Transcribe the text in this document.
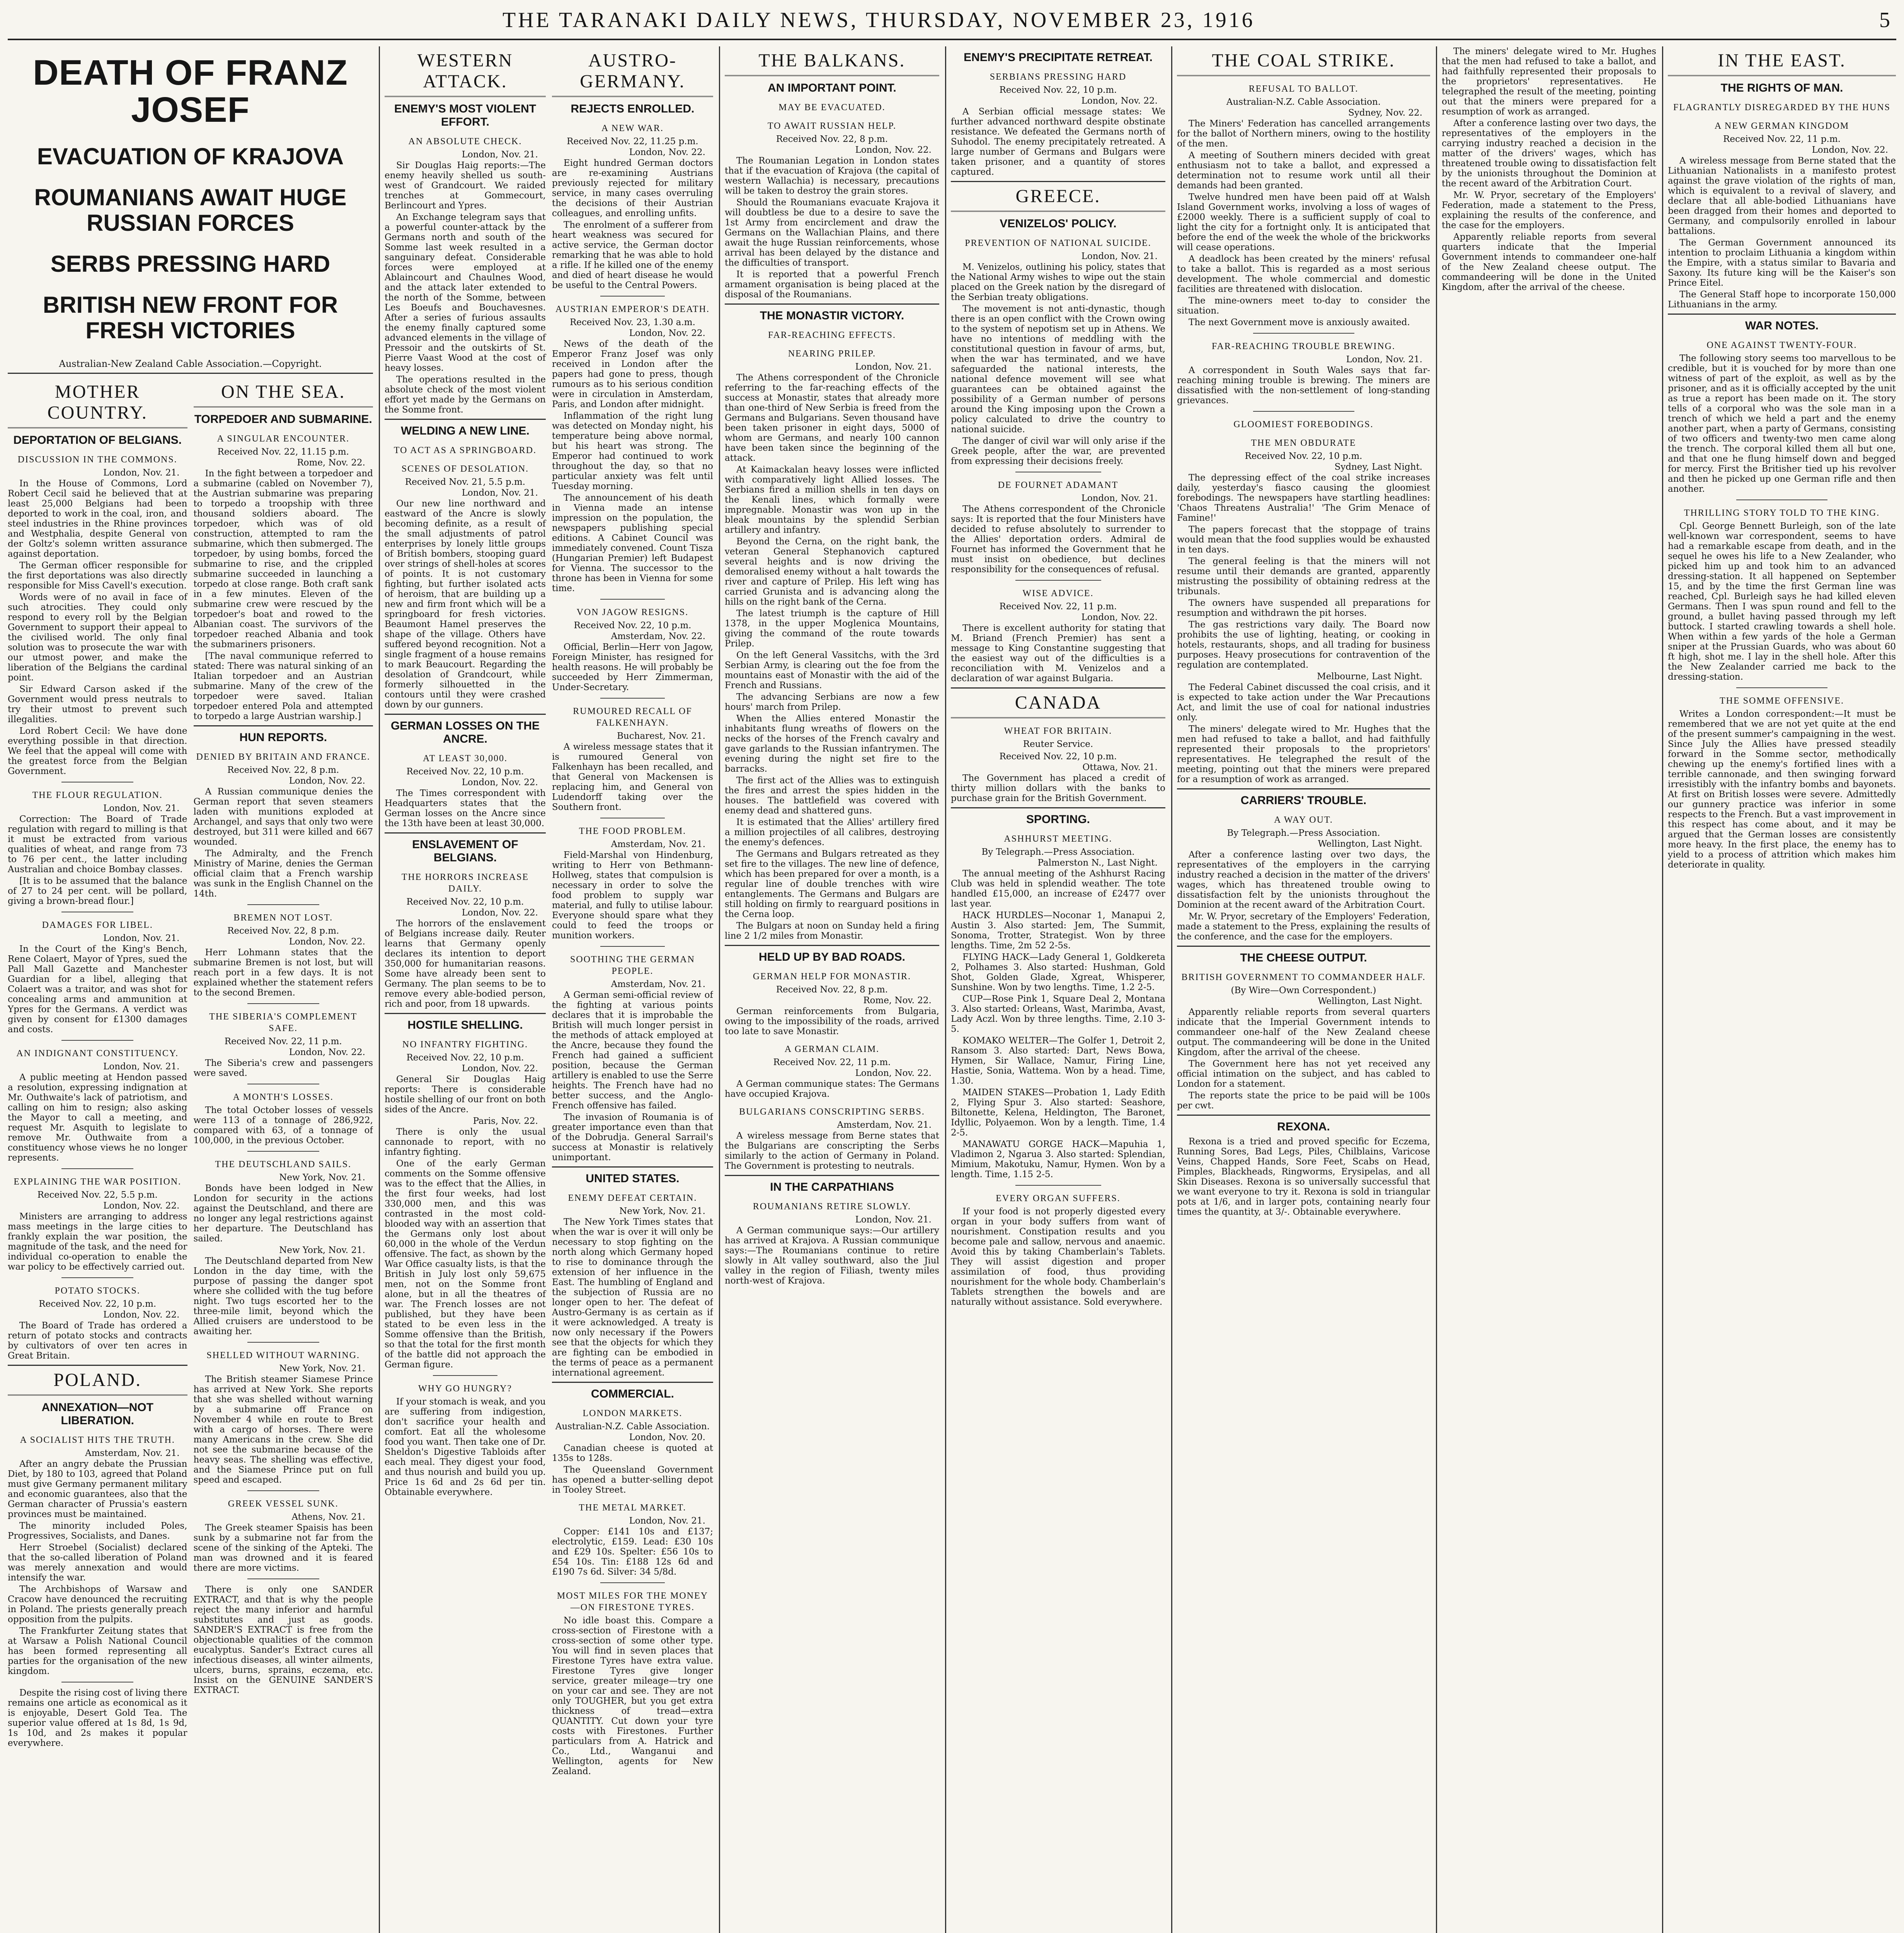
THE TARANAKI DAILY NEWS, THURSDAY, NOVEMBER 23, 1916	5
DEATH OF FRANZ JOSEF
EVACUATION OF KRAJOVA
ROUMANIANS AWAIT HUGE RUSSIAN FORCES
SERBS PRESSING HARD
BRITISH NEW FRONT FOR FRESH VICTORIES
Australian-New Zealand Cable Association.—Copyright.
MOTHER COUNTRY.
DEPORTATION OF BELGIANS.
DISCUSSION IN THE COMMONS.

London, Nov. 21.

In the House of Commons, Lord Robert Cecil said he believed that at least 25,000 Belgians had been deported to work in the coal, iron, and steel industries in the Rhine provinces and Westphalia, despite General von der Goltz's solemn written assurance against deportation.

The German officer responsible for the first deportations was also directly responsible for Miss Cavell's execution.

Words were of no avail in face of such atrocities. They could only respond to every roll by the Belgian Government to support their appeal to the civilised world. The only final solution was to prosecute the war with our utmost power, and make the liberation of the Belgians the cardinal point.

Sir Edward Carson asked if the Government would press neutrals to try their utmost to prevent such illegalities.

Lord Robert Cecil: We have done everything possible in that direction. We feel that the appeal will come with the greatest force from the Belgian Government.

THE FLOUR REGULATION.

London, Nov. 21.

Correction: The Board of Trade regulation with regard to milling is that it must be extracted from various qualities of wheat, and range from 73 to 76 per cent., the latter including Australian and choice Bombay classes.

[It is to be assumed that the balance of 27 to 24 per cent. will be pollard, giving a brown-bread flour.]

DAMAGES FOR LIBEL.

London, Nov. 21.

In the Court of the King's Bench, Rene Colaert, Mayor of Ypres, sued the Pall Mall Gazette and Manchester Guardian for a libel, alleging that Colaert was a traitor, and was shot for concealing arms and ammunition at Ypres for the Germans. A verdict was given by consent for £1300 damages and costs.

AN INDIGNANT CONSTITUENCY.

London, Nov. 21.

A public meeting at Hendon passed a resolution, expressing indignation at Mr. Outhwaite's lack of patriotism, and calling on him to resign; also asking the Mayor to call a meeting, and request Mr. Asquith to legislate to remove Mr. Outhwaite from a constituency whose views he no longer represents.

EXPLAINING THE WAR POSITION.

Received Nov. 22, 5.5 p.m.

London, Nov. 22.

Ministers are arranging to address mass meetings in the large cities to frankly explain the war position, the magnitude of the task, and the need for individual co-operation to enable the war policy to be effectively carried out.

POTATO STOCKS.

Received Nov. 22, 10 p.m.

London, Nov. 22.

The Board of Trade has ordered a return of potato stocks and contracts by cultivators of over ten acres in Great Britain.

POLAND.
ANNEXATION—NOT LIBERATION.
A SOCIALIST HITS THE TRUTH.

Amsterdam, Nov. 21.

After an angry debate the Prussian Diet, by 180 to 103, agreed that Poland must give Germany permanent military and economic guarantees, also that the German character of Prussia's eastern provinces must be maintained.

The minority included Poles, Progressives, Socialists, and Danes.

Herr Stroebel (Socialist) declared that the so-called liberation of Poland was merely annexation and would intensify the war.

The Archbishops of Warsaw and Cracow have denounced the recruiting in Poland. The priests generally preach opposition from the pulpits.

The Frankfurter Zeitung states that at Warsaw a Polish National Council has been formed representing all parties for the organisation of the new kingdom.

Despite the rising cost of living there remains one article as economical as it is enjoyable, Desert Gold Tea. The superior value offered at 1s 8d, 1s 9d, 1s 10d, and 2s makes it popular everywhere.

ON THE SEA.
TORPEDOER AND SUBMARINE.
A SINGULAR ENCOUNTER.

Received Nov. 22, 11.15 p.m.

Rome, Nov. 22.

In the fight between a torpedoer and a submarine (cabled on November 7), the Austrian submarine was preparing to torpedo a troopship with three thousand soldiers aboard. The torpedoer, which was of old construction, attempted to ram the submarine, which then submerged. The torpedoer, by using bombs, forced the submarine to rise, and the crippled submarine succeeded in launching a torpedo at close range. Both craft sank in a few minutes. Eleven of the submarine crew were rescued by the torpedoer's boat and rowed to the Albanian coast. The survivors of the torpedoer reached Albania and took the submariners prisoners.

[The naval communique referred to stated: There was natural sinking of an Italian torpedoer and an Austrian submarine. Many of the crew of the torpedoer were saved. Italian torpedoer entered Pola and attempted to torpedo a large Austrian warship.]

HUN REPORTS.
DENIED BY BRITAIN AND FRANCE.

Received Nov. 22, 8 p.m.

London, Nov. 22.

A Russian communique denies the German report that seven steamers laden with munitions exploded at Archangel, and says that only two were destroyed, but 311 were killed and 667 wounded.

The Admiralty, and the French Ministry of Marine, denies the German official claim that a French warship was sunk in the English Channel on the 14th.

BREMEN NOT LOST.

Received Nov. 22, 8 p.m.

London, Nov. 22.

Herr Lohmann states that the submarine Bremen is not lost, but will reach port in a few days. It is not explained whether the statement refers to the second Bremen.

THE SIBERIA'S COMPLEMENT SAFE.

Received Nov. 22, 11 p.m.

London, Nov. 22.

The Siberia's crew and passengers were saved.

A MONTH'S LOSSES.

The total October losses of vessels were 113 of a tonnage of 286,922, compared with 63, of a tonnage of 100,000, in the previous October.

THE DEUTSCHLAND SAILS.

New York, Nov. 21.

Bonds have been lodged in New London for security in the actions against the Deutschland, and there are no longer any legal restrictions against her departure. The Deutschland has sailed.

New York, Nov. 21.

The Deutschland departed from New London in the day time, with the purpose of passing the danger spot where she collided with the tug before night. Two tugs escorted her to the three-mile limit, beyond which the Allied cruisers are understood to be awaiting her.

SHELLED WITHOUT WARNING.

New York, Nov. 21.

The British steamer Siamese Prince has arrived at New York. She reports that she was shelled without warning by a submarine off France on November 4 while en route to Brest with a cargo of horses. There were many Americans in the crew. She did not see the submarine because of the heavy seas. The shelling was effective, and the Siamese Prince put on full speed and escaped.

GREEK VESSEL SUNK.

Athens, Nov. 21.

The Greek steamer Spaisis has been sunk by a submarine not far from the scene of the sinking of the Apteki. The man was drowned and it is feared there are more victims.

There is only one SANDER EXTRACT, and that is why the people reject the many inferior and harmful substitutes and just as goods. SANDER'S EXTRACT is free from the objectionable qualities of the common eucalyptus. Sander's Extract cures all infectious diseases, all winter ailments, ulcers, burns, sprains, eczema, etc. Insist on the GENUINE SANDER'S EXTRACT.

WESTERN ATTACK.
ENEMY'S MOST VIOLENT EFFORT.
AN ABSOLUTE CHECK.

London, Nov. 21.

Sir Douglas Haig reports:—The enemy heavily shelled us south-west of Grandcourt. We raided trenches at Gommecourt, Berlincourt and Ypres.

An Exchange telegram says that a powerful counter-attack by the Germans north and south of the Somme last week resulted in a sanguinary defeat. Considerable forces were employed at Ablaincourt and Chaulnes Wood, and the attack later extended to the north of the Somme, between Les Boeufs and Bouchavesnes. After a series of furious assaults the enemy finally captured some advanced elements in the village of Pressoir and the outskirts of St. Pierre Vaast Wood at the cost of heavy losses.

The operations resulted in the absolute check of the most violent effort yet made by the Germans on the Somme front.

WELDING A NEW LINE.
TO ACT AS A SPRINGBOARD.
SCENES OF DESOLATION.

Received Nov. 21, 5.5 p.m.

London, Nov. 21.

Our new line northward and eastward of the Ancre is slowly becoming definite, as a result of the small adjustments of patrol enterprises by lonely little groups of British bombers, stooping guard over strings of shell-holes at scores of points. It is not customary fighting, but further isolated acts of heroism, that are building up a new and firm front which will be a springboard for fresh victories. Beaumont Hamel preserves the shape of the village. Others have suffered beyond recognition. Not a single fragment of a house remains to mark Beaucourt. Regarding the desolation of Grandcourt, while formerly silhouetted in the contours until they were crashed down by our gunners.

GERMAN LOSSES ON THE ANCRE.
AT LEAST 30,000.

Received Nov. 22, 10 p.m.

London, Nov. 22.

The Times correspondent with Headquarters states that the German losses on the Ancre since the 13th have been at least 30,000.

ENSLAVEMENT OF BELGIANS.
THE HORRORS INCREASE DAILY.

Received Nov. 22, 10 p.m.

London, Nov. 22.

The horrors of the enslavement of Belgians increase daily. Reuter learns that Germany openly declares its intention to deport 350,000 for humanitarian reasons. Some have already been sent to Germany. The plan seems to be to remove every able-bodied person, rich and poor, from 18 upwards.

HOSTILE SHELLING.
NO INFANTRY FIGHTING.

Received Nov. 22, 10 p.m.

London, Nov. 22.

General Sir Douglas Haig reports: There is considerable hostile shelling of our front on both sides of the Ancre.

Paris, Nov. 22.

There is only the usual cannonade to report, with no infantry fighting.

One of the early German comments on the Somme offensive was to the effect that the Allies, in the first four weeks, had lost 330,000 men, and this was contrasted in the most cold-blooded way with an assertion that the Germans only lost about 60,000 in the whole of the Verdun offensive. The fact, as shown by the War Office casualty lists, is that the British in July lost only 59,675 men, not on the Somme front alone, but in all the theatres of war. The French losses are not published, but they have been stated to be even less in the Somme offensive than the British, so that the total for the first month of the battle did not approach the German figure.

WHY GO HUNGRY?

If your stomach is weak, and you are suffering from indigestion, don't sacrifice your health and comfort. Eat all the wholesome food you want. Then take one of Dr. Sheldon's Digestive Tabloids after each meal. They digest your food, and thus nourish and build you up. Price 1s 6d and 2s 6d per tin. Obtainable everywhere.

AUSTRO-GERMANY.
REJECTS ENROLLED.
A NEW WAR.

Received Nov. 22, 11.25 p.m.

London, Nov. 22.

Eight hundred German doctors are re-examining Austrians previously rejected for military service, in many cases overruling the decisions of their Austrian colleagues, and enrolling unfits.

The enrolment of a sufferer from heart weakness was secured for active service, the German doctor remarking that he was able to hold a rifle. If he killed one of the enemy and died of heart disease he would be useful to the Central Powers.

AUSTRIAN EMPEROR'S DEATH.

Received Nov. 23, 1.30 a.m.

London, Nov. 22.

News of the death of the Emperor Franz Josef was only received in London after the papers had gone to press, though rumours as to his serious condition were in circulation in Amsterdam, Paris, and London after midnight.

Inflammation of the right lung was detected on Monday night, his temperature being above normal, but his heart was strong. The Emperor had continued to work throughout the day, so that no particular anxiety was felt until Tuesday morning.

The announcement of his death in Vienna made an intense impression on the population, the newspapers publishing special editions. A Cabinet Council was immediately convened. Count Tisza (Hungarian Premier) left Budapest for Vienna. The successor to the throne has been in Vienna for some time.

VON JAGOW RESIGNS.

Received Nov. 22, 10 p.m.

Amsterdam, Nov. 22.

Official, Berlin—Herr von Jagow, Foreign Minister, has resigned for health reasons. He will probably be succeeded by Herr Zimmerman, Under-Secretary.

RUMOURED RECALL OF FALKENHAYN.

Bucharest, Nov. 21.

A wireless message states that it is rumoured General von Falkenhayn has been recalled, and that General von Mackensen is replacing him, and General von Ludendorff taking over the Southern front.

THE FOOD PROBLEM.

Amsterdam, Nov. 21.

Field-Marshal von Hindenburg, writing to Herr von Bethmann-Hollweg, states that compulsion is necessary in order to solve the food problem to supply war material, and fully to utilise labour. Everyone should spare what they could to feed the troops or munition workers.

SOOTHING THE GERMAN PEOPLE.

Amsterdam, Nov. 21.

A German semi-official review of the fighting at various points declares that it is improbable the British will much longer persist in the methods of attack employed at the Ancre, because they found the French had gained a sufficient position, because the German artillery is enabled to use the Serre heights. The French have had no better success, and the Anglo-French offensive has failed.

The invasion of Roumania is of greater importance even than that of the Dobrudja. General Sarrail's success at Monastir is relatively unimportant.

UNITED STATES.
ENEMY DEFEAT CERTAIN.

New York, Nov. 21.

The New York Times states that when the war is over it will only be necessary to stop fighting on the north along which Germany hoped to rise to dominance through the extension of her influence in the East. The humbling of England and the subjection of Russia are no longer open to her. The defeat of Austro-Germany is as certain as if it were acknowledged. A treaty is now only necessary if the Powers see that the objects for which they are fighting can be embodied in the terms of peace as a permanent international agreement.

COMMERCIAL.
LONDON MARKETS.

Australian-N.Z. Cable Association.

London, Nov. 20.

Canadian cheese is quoted at 135s to 128s.

The Queensland Government has opened a butter-selling depot in Tooley Street.

THE METAL MARKET.

London, Nov. 21.

Copper: £141 10s and £137; electrolytic, £159. Lead: £30 10s and £29 10s. Spelter: £56 10s to £54 10s. Tin: £188 12s 6d and £190 7s 6d. Silver: 34 5/8d.

MOST MILES FOR THE MONEY—ON FIRESTONE TYRES.

No idle boast this. Compare a cross-section of Firestone with a cross-section of some other type. You will find in seven places that Firestone Tyres have extra value. Firestone Tyres give longer service, greater mileage—try one on your car and see. They are not only TOUGHER, but you get extra thickness of tread—extra QUANTITY. Cut down your tyre costs with Firestones. Further particulars from A. Hatrick and Co., Ltd., Wanganui and Wellington, agents for New Zealand.

THE BALKANS.
AN IMPORTANT POINT.
MAY BE EVACUATED.
TO AWAIT RUSSIAN HELP.

Received Nov. 22, 8 p.m.

London, Nov. 22.

The Roumanian Legation in London states that if the evacuation of Krajova (the capital of western Wallachia) is necessary, precautions will be taken to destroy the grain stores.

Should the Roumanians evacuate Krajova it will doubtless be due to a desire to save the 1st Army from encirclement and draw the Germans on the Wallachian Plains, and there await the huge Russian reinforcements, whose arrival has been delayed by the distance and the difficulties of transport.

It is reported that a powerful French armament organisation is being placed at the disposal of the Roumanians.

THE MONASTIR VICTORY.
FAR-REACHING EFFECTS.
NEARING PRILEP.

London, Nov. 21.

The Athens correspondent of the Chronicle referring to the far-reaching effects of the success at Monastir, states that already more than one-third of New Serbia is freed from the Germans and Bulgarians. Seven thousand have been taken prisoner in eight days, 5000 of whom are Germans, and nearly 100 cannon have been taken since the beginning of the attack.

At Kaimackalan heavy losses were inflicted with comparatively light Allied losses. The Serbians fired a million shells in ten days on the Kenali lines, which formally were impregnable. Monastir was won up in the bleak mountains by the splendid Serbian artillery and infantry.

Beyond the Cerna, on the right bank, the veteran General Stephanovich captured several heights and is now driving the demoralised enemy without a halt towards the river and capture of Prilep. His left wing has carried Grunista and is advancing along the hills on the right bank of the Cerna.

The latest triumph is the capture of Hill 1378, in the upper Moglenica Mountains, giving the command of the route towards Prilep.

On the left General Vassitchs, with the 3rd Serbian Army, is clearing out the foe from the mountains east of Monastir with the aid of the French and Russians.

The advancing Serbians are now a few hours' march from Prilep.

When the Allies entered Monastir the inhabitants flung wreaths of flowers on the necks of the horses of the French cavalry and gave garlands to the Russian infantrymen. The evening during the night set fire to the barracks.

The first act of the Allies was to extinguish the fires and arrest the spies hidden in the houses. The battlefield was covered with enemy dead and shattered guns.

It is estimated that the Allies' artillery fired a million projectiles of all calibres, destroying the enemy's defences.

The Germans and Bulgars retreated as they set fire to the villages. The new line of defence, which has been prepared for over a month, is a regular line of double trenches with wire entanglements. The Germans and Bulgars are still holding on firmly to rearguard positions in the Cerna loop.

The Bulgars at noon on Sunday held a firing line 2 1/2 miles from Monastir.

HELD UP BY BAD ROADS.
GERMAN HELP FOR MONASTIR.

Received Nov. 22, 8 p.m.

Rome, Nov. 22.

German reinforcements from Bulgaria, owing to the impossibility of the roads, arrived too late to save Monastir.

A GERMAN CLAIM.

Received Nov. 22, 11 p.m.

London, Nov. 22.

A German communique states: The Germans have occupied Krajova.

BULGARIANS CONSCRIPTING SERBS.

Amsterdam, Nov. 21.

A wireless message from Berne states that the Bulgarians are conscripting the Serbs similarly to the action of Germany in Poland. The Government is protesting to neutrals.

IN THE CARPATHIANS
ROUMANIANS RETIRE SLOWLY.

London, Nov. 21.

A German communique says:—Our artillery has arrived at Krajova. A Russian communique says:—The Roumanians continue to retire slowly in Alt valley southward, also the Jiul valley in the region of Filiash, twenty miles north-west of Krajova.

ENEMY'S PRECIPITATE RETREAT.
SERBIANS PRESSING HARD

Received Nov. 22, 10 p.m.

London, Nov. 22.

A Serbian official message states: We further advanced northward despite obstinate resistance. We defeated the Germans north of Suhodol. The enemy precipitately retreated. A large number of Germans and Bulgars were taken prisoner, and a quantity of stores captured.

GREECE.
VENIZELOS' POLICY.
PREVENTION OF NATIONAL SUICIDE.

London, Nov. 21.

M. Venizelos, outlining his policy, states that the National Army wishes to wipe out the stain placed on the Greek nation by the disregard of the Serbian treaty obligations.

The movement is not anti-dynastic, though there is an open conflict with the Crown owing to the system of nepotism set up in Athens. We have no intentions of meddling with the constitutional question in favour of arms, but, when the war has terminated, and we have safeguarded the national interests, the national defence movement will see what guarantees can be obtained against the possibility of a German number of persons around the King imposing upon the Crown a policy calculated to drive the country to national suicide.

The danger of civil war will only arise if the Greek people, after the war, are prevented from expressing their decisions freely.

DE FOURNET ADAMANT

London, Nov. 21.

The Athens correspondent of the Chronicle says: It is reported that the four Ministers have decided to refuse absolutely to surrender to the Allies' deportation orders. Admiral de Fournet has informed the Government that he must insist on obedience, but declines responsibility for the consequences of refusal.

WISE ADVICE.

Received Nov. 22, 11 p.m.

London, Nov. 22.

There is excellent authority for stating that M. Briand (French Premier) has sent a message to King Constantine suggesting that the easiest way out of the difficulties is a reconciliation with M. Venizelos and a declaration of war against Bulgaria.

CANADA
WHEAT FOR BRITAIN.

Reuter Service.

Received Nov. 22, 10 p.m.

Ottawa, Nov. 21.

The Government has placed a credit of thirty million dollars with the banks to purchase grain for the British Government.

SPORTING.
ASHHURST MEETING.

By Telegraph.—Press Association.

Palmerston N., Last Night.

The annual meeting of the Ashhurst Racing Club was held in splendid weather. The tote handled £15,000, an increase of £2477 over last year.

HACK HURDLES—Noconar 1, Manapui 2, Austin 3. Also started: Jem, The Summit, Sonoma, Trotter, Strategist. Won by three lengths. Time, 2m 52 2-5s.

FLYING HACK—Lady General 1, Goldkereta 2, Polhames 3. Also started: Hushman, Gold Shot, Golden Glade, Xgreat, Whisperer, Sunshine. Won by two lengths. Time, 1.2 2-5.

CUP—Rose Pink 1, Square Deal 2, Montana 3. Also started: Orleans, Wast, Marimba, Avast, Lady Aczl. Won by three lengths. Time, 2.10 3-5.

KOMAKO WELTER—The Golfer 1, Detroit 2, Ransom 3. Also started: Dart, News Bowa, Hymen, Sir Wallace, Namur, Firing Line, Hastie, Sonia, Wattema. Won by a head. Time, 1.30.

MAIDEN STAKES—Probation 1, Lady Edith 2, Flying Spur 3. Also started: Seashore, Biltonette, Kelena, Heldington, The Baronet, Idyllic, Polyaemon. Won by a length. Time, 1.4 2-5.

MANAWATU GORGE HACK—Mapuhia 1, Vladimon 2, Ngarua 3. Also started: Splendian, Mimium, Makotuku, Namur, Hymen. Won by a length. Time, 1.15 2-5.

EVERY ORGAN SUFFERS.

If your food is not properly digested every organ in your body suffers from want of nourishment. Constipation results and you become pale and sallow, nervous and anaemic. Avoid this by taking Chamberlain's Tablets. They will assist digestion and proper assimilation of food, thus providing nourishment for the whole body. Chamberlain's Tablets strengthen the bowels and are naturally without assistance. Sold everywhere.

THE COAL STRIKE.
REFUSAL TO BALLOT.

Australian-N.Z. Cable Association.

Sydney, Nov. 22.

The Miners' Federation has cancelled arrangements for the ballot of Northern miners, owing to the hostility of the men.

A meeting of Southern miners decided with great enthusiasm not to take a ballot, and expressed a determination not to resume work until all their demands had been granted.

Twelve hundred men have been paid off at Walsh Island Government works, involving a loss of wages of £2000 weekly. There is a sufficient supply of coal to light the city for a fortnight only. It is anticipated that before the end of the week the whole of the brickworks will cease operations.

A deadlock has been created by the miners' refusal to take a ballot. This is regarded as a most serious development. The whole commercial and domestic facilities are threatened with dislocation.

The mine-owners meet to-day to consider the situation.

The next Government move is anxiously awaited.

FAR-REACHING TROUBLE BREWING.

London, Nov. 21.

A correspondent in South Wales says that far-reaching mining trouble is brewing. The miners are dissatisfied with the non-settlement of long-standing grievances.

GLOOMIEST FOREBODINGS.
THE MEN OBDURATE

Received Nov. 22, 10 p.m.

Sydney, Last Night.

The depressing effect of the coal strike increases daily, yesterday's fiasco causing the gloomiest forebodings. The newspapers have startling headlines: 'Chaos Threatens Australia!' 'The Grim Menace of Famine!'

The papers forecast that the stoppage of trains would mean that the food supplies would be exhausted in ten days.

The general feeling is that the miners will not resume until their demands are granted, apparently mistrusting the possibility of obtaining redress at the tribunals.

The owners have suspended all preparations for resumption and withdrawn the pit horses.

The gas restrictions vary daily. The Board now prohibits the use of lighting, heating, or cooking in hotels, restaurants, shops, and all trading for business purposes. Heavy prosecutions for contravention of the regulation are contemplated.

Melbourne, Last Night.

The Federal Cabinet discussed the coal crisis, and it is expected to take action under the War Precautions Act, and limit the use of coal for national industries only.

The miners' delegate wired to Mr. Hughes that the men had refused to take a ballot, and had faithfully represented their proposals to the proprietors' representatives. He telegraphed the result of the meeting, pointing out that the miners were prepared for a resumption of work as arranged.

CARRIERS' TROUBLE.
A WAY OUT.

By Telegraph.—Press Association.

Wellington, Last Night.

After a conference lasting over two days, the representatives of the employers in the carrying industry reached a decision in the matter of the drivers' wages, which has threatened trouble owing to dissatisfaction felt by the unionists throughout the Dominion at the recent award of the Arbitration Court.

Mr. W. Pryor, secretary of the Employers' Federation, made a statement to the Press, explaining the results of the conference, and the case for the employers.

THE CHEESE OUTPUT.
BRITISH GOVERNMENT TO COMMANDEER HALF.

(By Wire—Own Correspondent.)

Wellington, Last Night.

Apparently reliable reports from several quarters indicate that the Imperial Government intends to commandeer one-half of the New Zealand cheese output. The commandeering will be done in the United Kingdom, after the arrival of the cheese.

The Government here has not yet received any official intimation on the subject, and has cabled to London for a statement.

The reports state the price to be paid will be 100s per cwt.

REXONA.

Rexona is a tried and proved specific for Eczema, Running Sores, Bad Legs, Piles, Chilblains, Varicose Veins, Chapped Hands, Sore Feet, Scabs on Head, Pimples, Blackheads, Ringworms, Erysipelas, and all Skin Diseases. Rexona is so universally successful that we want everyone to try it. Rexona is sold in triangular pots at 1/6, and in larger pots, containing nearly four times the quantity, at 3/-. Obtainable everywhere.

IN THE EAST.
THE RIGHTS OF MAN.
FLAGRANTLY DISREGARDED BY THE HUNS
A NEW GERMAN KINGDOM

Received Nov. 22, 11 p.m.

London, Nov. 22.

A wireless message from Berne stated that the Lithuanian Nationalists in a manifesto protest against the grave violation of the rights of man, which is equivalent to a revival of slavery, and declare that all able-bodied Lithuanians have been dragged from their homes and deported to Germany, and compulsorily enrolled in labour battalions.

The German Government announced its intention to proclaim Lithuania a kingdom within the Empire, with a status similar to Bavaria and Saxony. Its future king will be the Kaiser's son Prince Eitel.

The General Staff hope to incorporate 150,000 Lithuanians in the army.

WAR NOTES.
ONE AGAINST TWENTY-FOUR.

The following story seems too marvellous to be credible, but it is vouched for by more than one witness of part of the exploit, as well as by the prisoner, and as it is officially accepted by the unit as true a report has been made on it. The story tells of a corporal who was the sole man in a trench of which we held a part and the enemy another part, when a party of Germans, consisting of two officers and twenty-two men came along the trench. The corporal killed them all but one, and that one he flung himself down and begged for mercy. First the Britisher tied up his revolver and then he picked up one German rifle and then another.

THRILLING STORY TOLD TO THE KING.

Cpl. George Bennett Burleigh, son of the late well-known war correspondent, seems to have had a remarkable escape from death, and in the sequel he owes his life to a New Zealander, who picked him up and took him to an advanced dressing-station. It all happened on September 15, and by the time the first German line was reached, Cpl. Burleigh says he had killed eleven Germans. Then I was spun round and fell to the ground, a bullet having passed through my left buttock. I started crawling towards a shell hole. When within a few yards of the hole a German sniper at the Prussian Guards, who was about 60 ft high, shot me. I lay in the shell hole. After this the New Zealander carried me back to the dressing-station.

THE SOMME OFFENSIVE.

Writes a London correspondent:—It must be remembered that we are not yet quite at the end of the present summer's campaigning in the west. Since July the Allies have pressed steadily forward in the Somme sector, methodically chewing up the enemy's fortified lines with a terrible cannonade, and then swinging forward irresistibly with the infantry bombs and bayonets. At first on British losses were severe. Admittedly our gunnery practice was inferior in some respects to the French. But a vast improvement in this respect has come about, and it may be argued that the German losses are consistently more heavy. In the first place, the enemy has to yield to a process of attrition which makes him deteriorate in quality.

The miners' delegate wired to Mr. Hughes that the men had refused to take a ballot, and had faithfully represented their proposals to the proprietors' representatives. He telegraphed the result of the meeting, pointing out that the miners were prepared for a resumption of work as arranged.

After a conference lasting over two days, the representatives of the employers in the carrying industry reached a decision in the matter of the drivers' wages, which has threatened trouble owing to dissatisfaction felt by the unionists throughout the Dominion at the recent award of the Arbitration Court.

Mr. W. Pryor, secretary of the Employers' Federation, made a statement to the Press, explaining the results of the conference, and the case for the employers.

Apparently reliable reports from several quarters indicate that the Imperial Government intends to commandeer one-half of the New Zealand cheese output. The commandeering will be done in the United Kingdom, after the arrival of the cheese.
